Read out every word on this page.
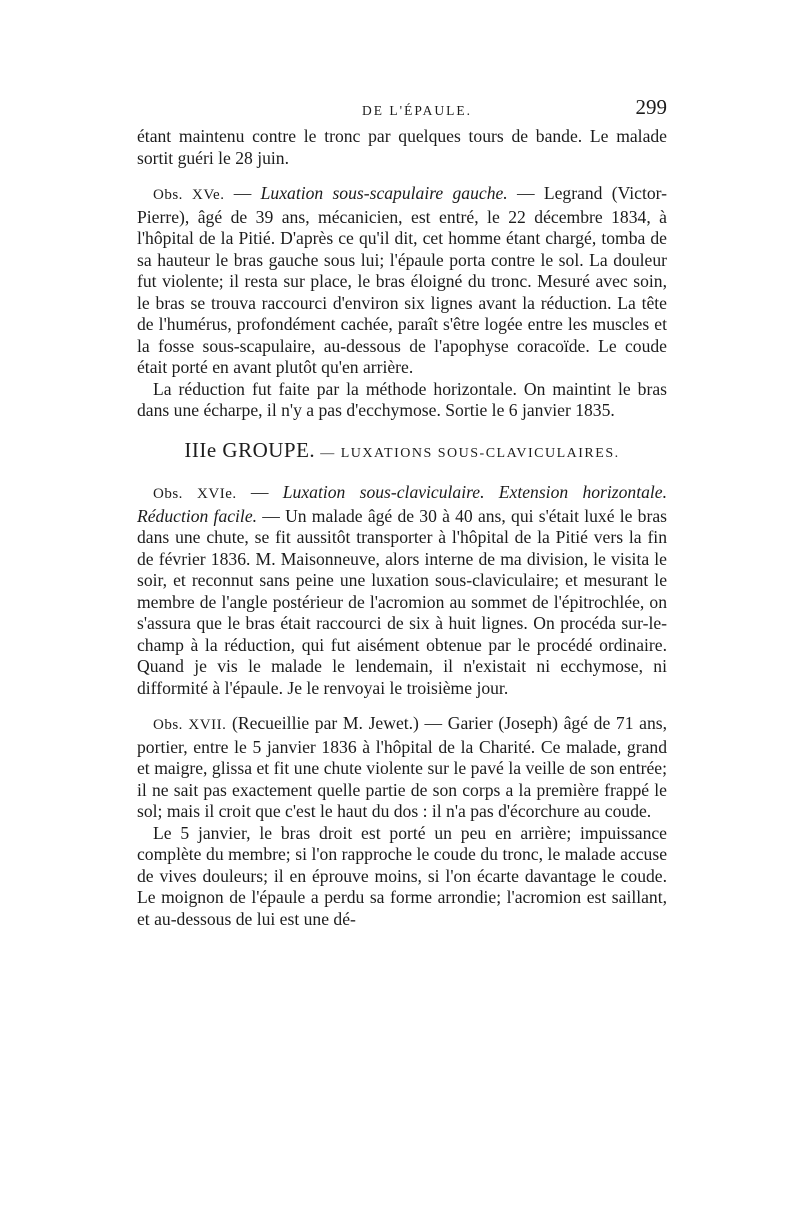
DE L'ÉPAULE.	299

étant maintenu contre le tronc par quelques tours de bande. Le malade sortit guéri le 28 juin.

Obs. XVe. — Luxation sous-scapulaire gauche. — Legrand (Victor-Pierre), âgé de 39 ans, mécanicien, est entré, le 22 décembre 1834, à l'hôpital de la Pitié. D'après ce qu'il dit, cet homme étant chargé, tomba de sa hauteur le bras gauche sous lui; l'épaule porta contre le sol. La douleur fut violente; il resta sur place, le bras éloigné du tronc. Mesuré avec soin, le bras se trouva raccourci d'environ six lignes avant la réduction. La tête de l'humérus, profondément cachée, paraît s'être logée entre les muscles et la fosse sous-scapulaire, au-dessous de l'apophyse coracoïde. Le coude était porté en avant plutôt qu'en arrière.

La réduction fut faite par la méthode horizontale. On maintint le bras dans une écharpe, il n'y a pas d'ecchymose. Sortie le 6 janvier 1835.

IIIe GROUPE. — LUXATIONS SOUS-CLAVICULAIRES.

Obs. XVIe. — Luxation sous-claviculaire. Extension horizontale. Réduction facile. — Un malade âgé de 30 à 40 ans, qui s'était luxé le bras dans une chute, se fit aussitôt transporter à l'hôpital de la Pitié vers la fin de février 1836. M. Maisonneuve, alors interne de ma division, le visita le soir, et reconnut sans peine une luxation sous-claviculaire; et mesurant le membre de l'angle postérieur de l'acromion au sommet de l'épitrochlée, on s'assura que le bras était raccourci de six à huit lignes. On procéda sur-le-champ à la réduction, qui fut aisément obtenue par le procédé ordinaire. Quand je vis le malade le lendemain, il n'existait ni ecchymose, ni difformité à l'épaule. Je le renvoyai le troisième jour.

Obs. XVII. (Recueillie par M. Jewet.) — Garier (Joseph) âgé de 71 ans, portier, entre le 5 janvier 1836 à l'hôpital de la Charité. Ce malade, grand et maigre, glissa et fit une chute violente sur le pavé la veille de son entrée; il ne sait pas exactement quelle partie de son corps a la première frappé le sol; mais il croit que c'est le haut du dos : il n'a pas d'écorchure au coude.

Le 5 janvier, le bras droit est porté un peu en arrière; impuissance complète du membre; si l'on rapproche le coude du tronc, le malade accuse de vives douleurs; il en éprouve moins, si l'on écarte davantage le coude. Le moignon de l'épaule a perdu sa forme arrondie; l'acromion est saillant, et au-dessous de lui est une dé-
